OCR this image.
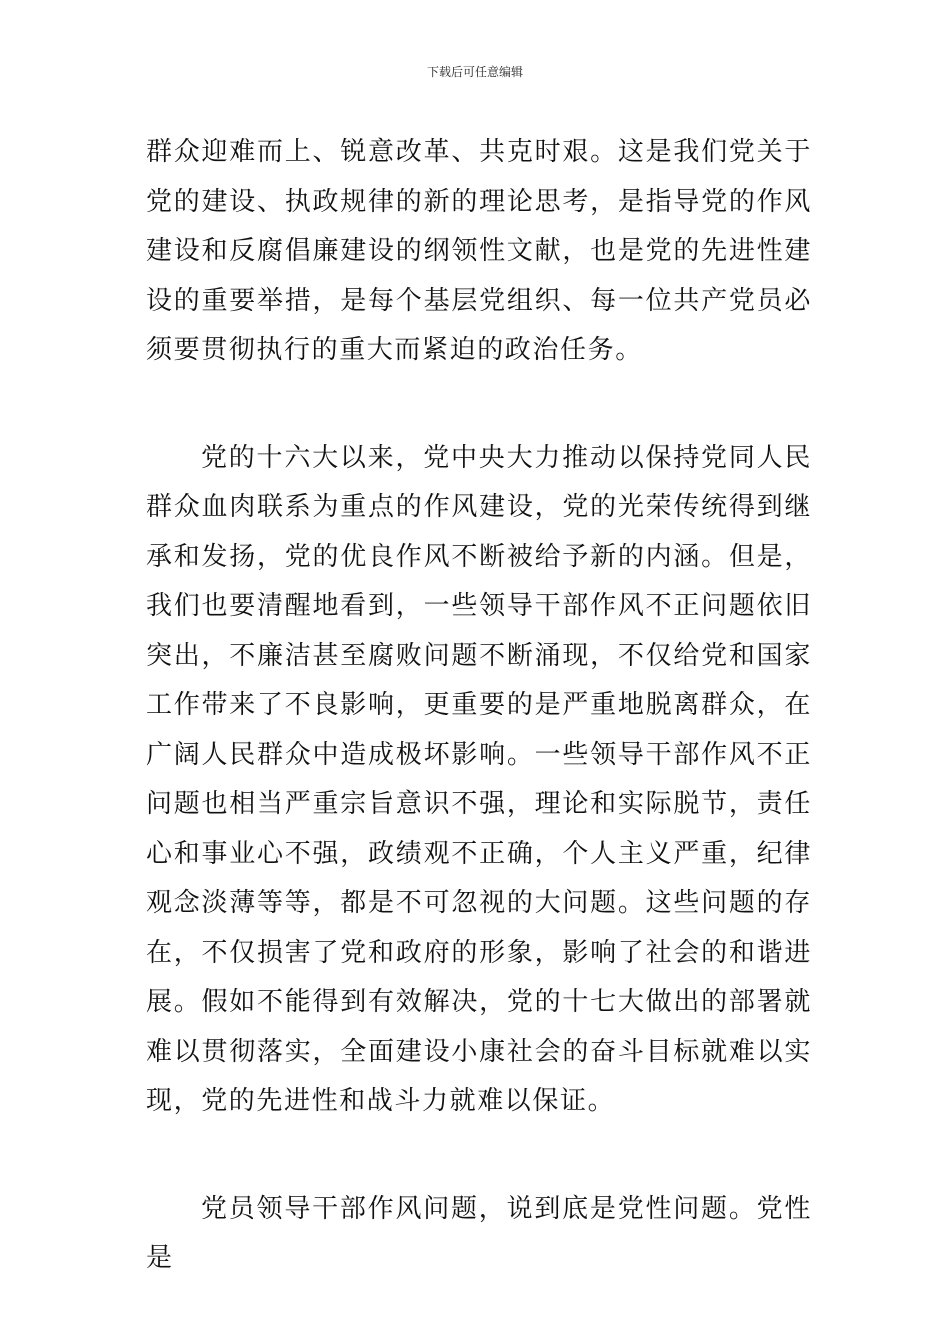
下载后可任意编辑

群众迎难而上、锐意改革、共克时艰。这是我们党关于党的建设、执政规律的新的理论思考，是指导党的作风建设和反腐倡廉建设的纲领性文献，也是党的先进性建设的重要举措，是每个基层党组织、每一位共产党员必须要贯彻执行的重大而紧迫的政治任务。

党的十六大以来，党中央大力推动以保持党同人民群众血肉联系为重点的作风建设，党的光荣传统得到继承和发扬，党的优良作风不断被给予新的内涵。但是，我们也要清醒地看到，一些领导干部作风不正问题依旧突出，不廉洁甚至腐败问题不断涌现，不仅给党和国家工作带来了不良影响，更重要的是严重地脱离群众，在广阔人民群众中造成极坏影响。一些领导干部作风不正问题也相当严重宗旨意识不强，理论和实际脱节，责任心和事业心不强，政绩观不正确，个人主义严重，纪律观念淡薄等等，都是不可忽视的大问题。这些问题的存在，不仅损害了党和政府的形象，影响了社会的和谐进展。假如不能得到有效解决，党的十七大做出的部署就难以贯彻落实，全面建设小康社会的奋斗目标就难以实现，党的先进性和战斗力就难以保证。

党员领导干部作风问题，说到底是党性问题。党性是
